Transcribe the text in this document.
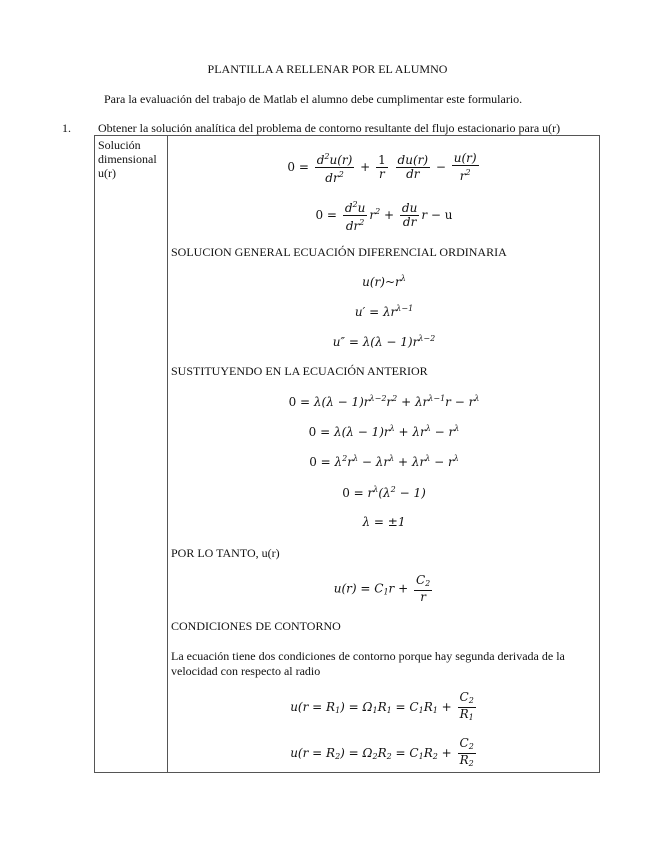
PLANTILLA A RELLENAR POR EL ALUMNO
Para la evaluación del trabajo de Matlab el alumno debe cumplimentar este formulario.
1. Obtener la solución analítica del problema de contorno resultante del flujo estacionario para u(r)
Solución
dimensional
u(r)	$0 = \frac{d^2u(r)}{dr^2} + \frac{1}{r}$
$\frac{du(r)}{dr} - \frac{u(r)}{r^2}$
$0 = \frac{d^2u}{dr^2} r^2 + \frac{du}{dr}$ r − u
SOLUCION GENERAL ECUACIÓN DIFERENCIAL ORDINARIA
$u(r)\sim r^\lambda$
$u' = \lambda r^{\lambda-1}$
$u'' = \lambda(\lambda - 1)r^{\lambda-2}$
SUSTITUYENDO EN LA ECUACIÓN ANTERIOR
$0 = \lambda(\lambda - 1)r^{\lambda-2}r^2 + \lambda r^{\lambda-1}r - r^\lambda$
$0 = \lambda(\lambda - 1)r^\lambda + \lambda r^\lambda - r^\lambda$
$0 = \lambda^2r^\lambda - \lambda r^\lambda + \lambda r^\lambda - r^\lambda$
$0 = r^\lambda(\lambda^2 - 1)$
λ = ±1
POR LO TANTO, u(r)
$u(r) = C_1r + \frac{C_2}{r}$
CONDICIONES DE CONTORNO
La ecuación tiene dos condiciones de contorno porque hay segunda derivada de la velocidad con respecto al radio
$u(r = R_1) = \Omega_1R_1 = C_1R_1 + \frac{C_2}{R_1}$
$u(r = R_2) = \Omega_2R_2 = C_1R_2 + \frac{C_2}{R_2}$
